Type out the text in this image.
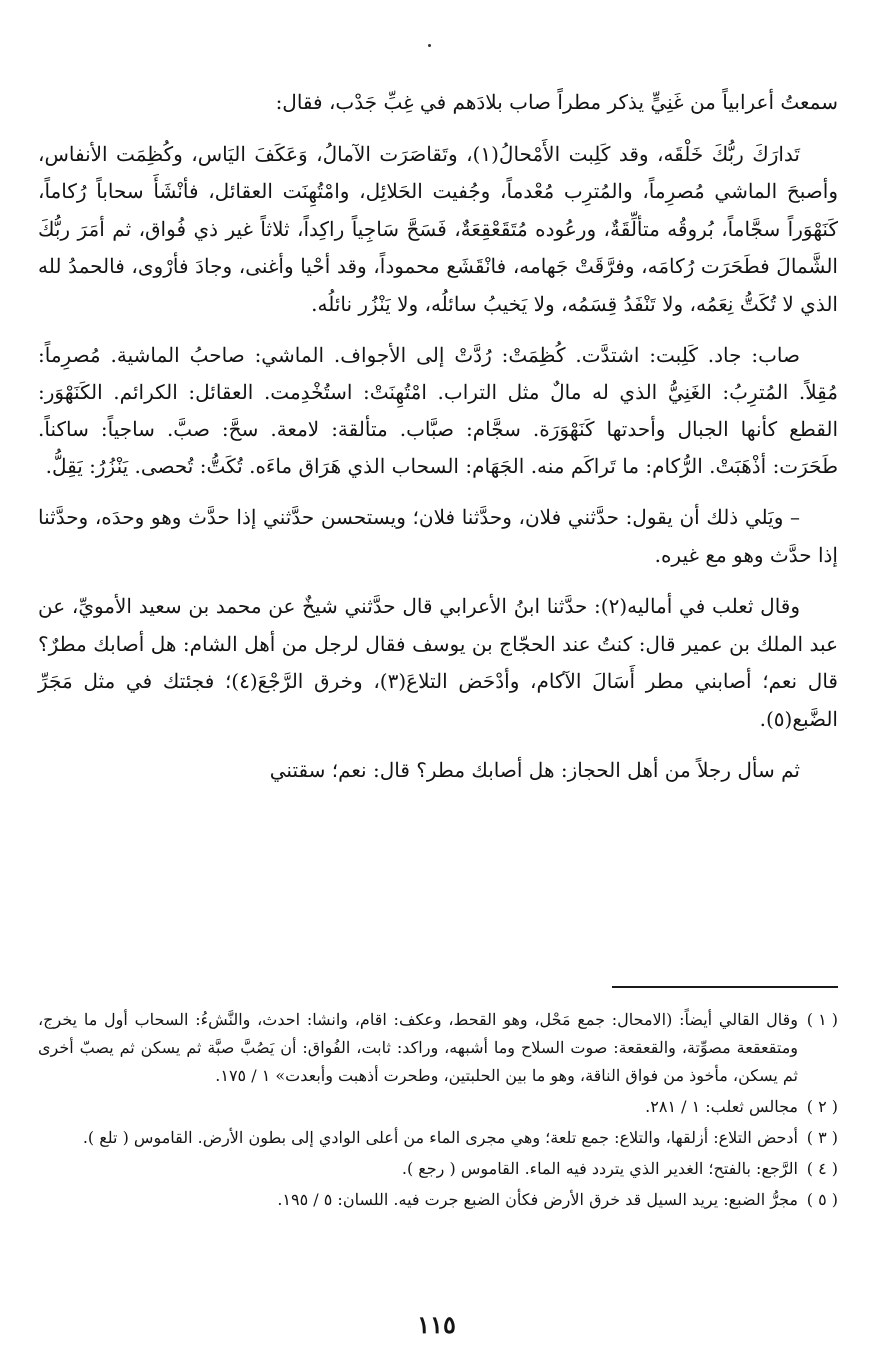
سمعتُ أعرابياً من غَنِيٍّ يذكر مطراً صاب بلادَهم في غِبِّ جَدْب، فقال:

تَدارَكَ ربُّكَ خَلْقَه، وقد كَلِبت الأَمْحالُ(١)، وتَقاصَرَت الآمالُ، وَعَكَفَ اليَاس، وكُظِمَت الأنفاس، وأصبحَ الماشي مُصرِماً، والمُترِب مُعْدماً، وجُفيت الحَلائِل، وامْتُهِنَت العقائل، فأنْشَأَ سحاباً رُكاماً، كَنَهْوَراً سجَّاماً، بُروقُه متألِّقَةٌ، ورعُوده مُتَقَعْقِعَةٌ، فَسَحَّ سَاجِياً راكِداً، ثلاثاً غير ذي فُواق، ثم أمَرَ ربُّكَ الشَّمالَ فطَحَرَت رُكامَه، وفرَّقَتْ جَهامه، فانْقَشَع محموداً، وقد أحْيا وأغنى، وجادَ فأرْوى، فالحمدُ لله الذي لا تُكَتُّ نِعَمُه، ولا تَنْفَدُ قِسَمُه، ولا يَخيبُ سائلُه، ولا يَنْزُر نائلُه.

صاب: جاد. كَلِبت: اشتدَّت. كُظِمَتْ: رُدَّتْ إلى الأجواف. الماشي: صاحبُ الماشية. مُصرِماً: مُقِلاً. المُترِبُ: الغَنِيُّ الذي له مالٌ مثل التراب. امْتُهِنَتْ: استُخْدِمت. العقائل: الكرائم. الكَنَهْوَر: القطع كأنها الجبال وأحدتها كَنَهْوَرَة. سجَّام: صبَّاب. متألقة: لامعة. سحَّ: صبَّ. ساجياً: ساكناً. طَحَرَت: أذْهَبَتْ. الرُّكام: ما تَراكَم منه. الجَهَام: السحاب الذي هَرَاق ماءَه. تُكَتُّ: تُحصى. يَنْزُرُ: يَقِلُّ.

– ويَلي ذلك أن يقول: حدَّثني فلان، وحدَّثنا فلان؛ ويستحسن حدَّثني إذا حدَّث وهو وحدَه، وحدَّثنا إذا حدَّث وهو مع غيره.

وقال ثعلب في أماليه(٢): حدَّثنا ابنُ الأعرابي قال حدَّثني شيخٌ عن محمد بن سعيد الأمويِّ، عن عبد الملك بن عمير قال: كنتُ عند الحجّاج بن يوسف فقال لرجل من أهل الشام: هل أصابك مطرٌ؟ قال نعم؛ أصابني مطر أَسَالَ الآكام، وأدْحَض التلاعَ(٣)، وخرق الرَّجْعَ(٤)؛ فجئتك في مثل مَجَرِّ الضَّبع(٥).

ثم سأل رجلاً من أهل الحجاز: هل أصابك مطر؟ قال: نعم؛ سقتني

( ١ )
وقال القالي أيضاً: (الامحال: جمع مَحْل، وهو القحط، وعكف: اقام، وانشا: احدث، والنَّشءُ: السحاب أول ما يخرج، ومتقعقعة مصوِّتة، والقعقعة: صوت السلاح وما أشبهه، وراكد: ثابت، الفُواق: أن يَصُبَّ صبَّة ثم يسكن ثم يصبّ أخرى ثم يسكن، مأخوذ من فواق الناقة، وهو ما بين الحلبتين، وطحرت أذهبت وأبعدت» ١ / ١٧٥.
( ٢ )
مجالس ثعلب: ١ / ٢٨١.
( ٣ )
أدحض التلاع: أزلقها، والتلاع: جمع تلعة؛ وهي مجرى الماء من أعلى الوادي إلى بطون الأرض. القاموس ( تلع ).
( ٤ )
الرَّجع: بالفتح؛ الغدير الذي يتردد فيه الماء. القاموس ( رجع ).
( ٥ )
مجرُّ الضبع: يريد السيل قد خرق الأرض فكأن الضبع جرت فيه. اللسان: ٥ / ١٩٥.
١١٥
